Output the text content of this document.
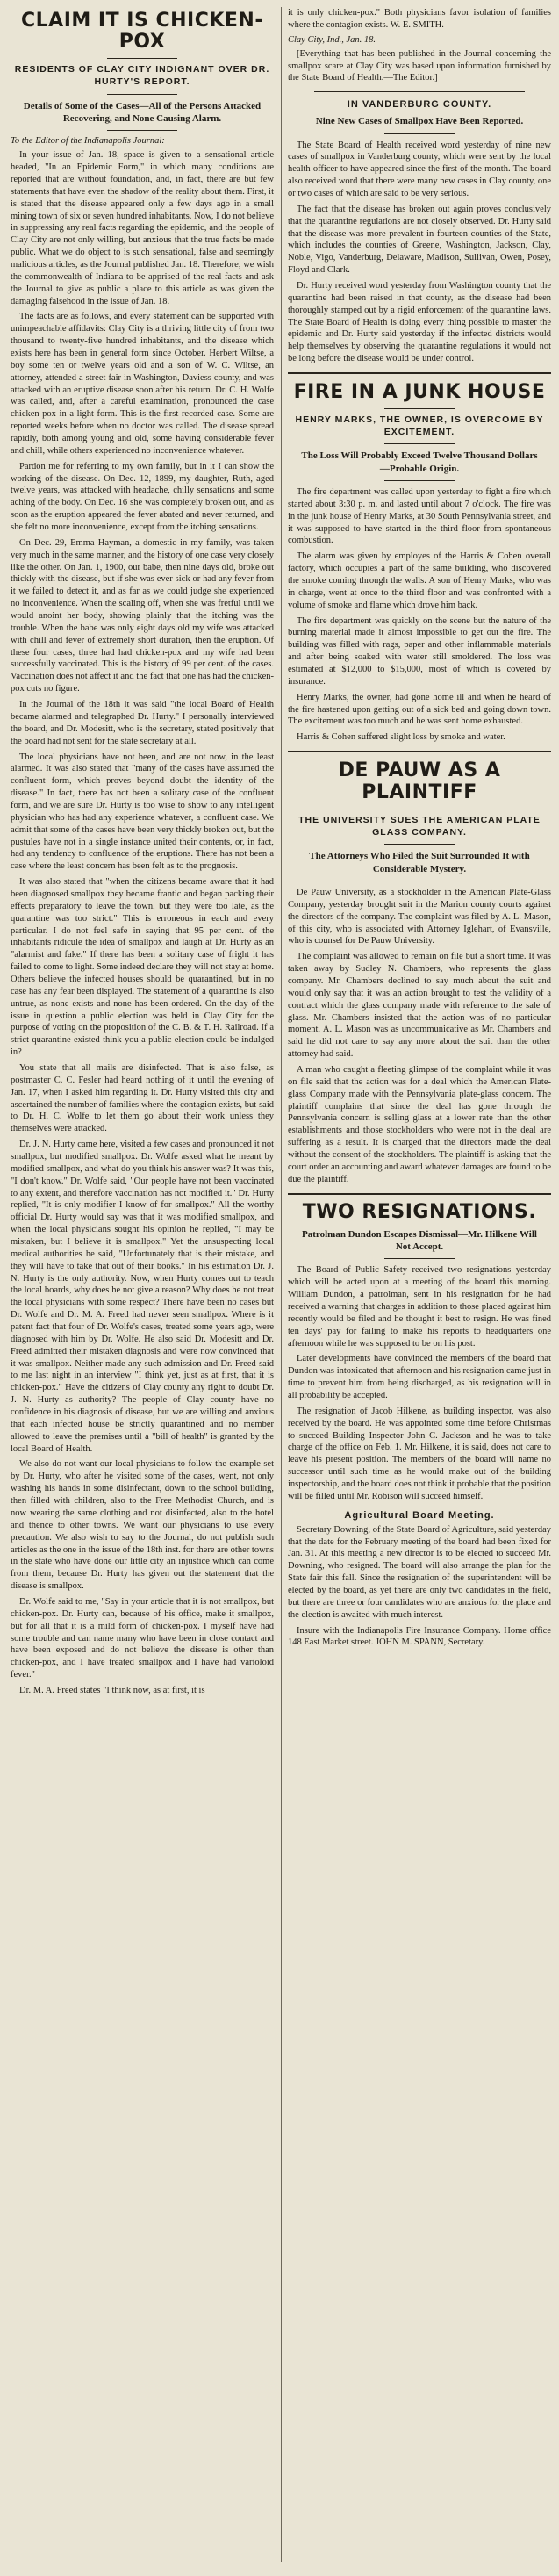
CLAIM IT IS CHICKEN-POX
RESIDENTS OF CLAY CITY INDIGNANT OVER DR. HURTY'S REPORT.
Details of Some of the Cases—All of the Persons Attacked Recovering, and None Causing Alarm.
To the Editor of the Indianapolis Journal:

In your issue of Jan. 18, space is given to a sensational article headed, "In an Epidemic Form," in which many conditions are reported that are without foundation, and, in fact, there are but few statements that have even the shadow of the reality about them. First, it is stated that the disease appeared only a few days ago in a small mining town of six or seven hundred inhabitants. Now, I do not believe in suppressing any real facts regarding the epidemic, and the people of Clay City are not only willing, but anxious that the true facts be made public. What we do object to is such sensational, false and seemingly malicious articles, as the Journal published Jan. 18. Therefore, we wish the commonwealth of Indiana to be apprised of the real facts and ask the Journal to give as public a place to this article as was given the damaging falsehood in the issue of Jan. 18.

The facts are as follows, and every statement can be supported with unimpeachable affidavits: Clay City is a thriving little city of from two thousand to twenty-five hundred inhabitants, and the disease which exists here has been in general form since October. Herbert Wiltse, a boy some ten or twelve years old and a son of W. C. Wiltse, an attorney, attended a street fair in Washington, Daviess county, and was attacked with an eruptive disease soon after his return. Dr. C. H. Wolfe was called, and, after a careful examination, pronounced the case chicken-pox in a light form. This is the first recorded case. Some are reported weeks before when no doctor was called. The disease spread rapidly, both among young and old, some having considerable fever and chill, while others experienced no inconvenience whatever.

Pardon me for referring to my own family, but in it I can show the working of the disease. On Dec. 12, 1899, my daughter, Ruth, aged twelve years, was attacked with headache, chilly sensations and some aching of the body. On Dec. 16 she was completely broken out, and as soon as the eruption appeared the fever abated and never returned, and she felt no more inconvenience, except from the itching sensations.

On Dec. 29, Emma Hayman, a domestic in my family, was taken very much in the same manner, and the history of one case very closely like the other. On Jan. 1, 1900, our babe, then nine days old, broke out thickly with the disease, but if she was ever sick or had any fever from it we failed to detect it, and as far as we could judge she experienced no inconvenience. When the scaling off, when she was fretful until we would anoint her body, showing plainly that the itching was the trouble. When the babe was only eight days old my wife was attacked with chill and fever of extremely short duration, then the eruption. Of these four cases, three had had chicken-pox and my wife had been successfully vaccinated. This is the history of 99 per cent. of the cases. Vaccination does not affect it and the fact that one has had the chicken-pox cuts no figure.

In the Journal of the 18th it was said "the local Board of Health became alarmed and telegraphed Dr. Hurty." I personally interviewed the board, and Dr. Modesitt, who is the secretary, stated positively that the board had not sent for the state secretary at all.

The local physicians have not been, and are not now, in the least alarmed. It was also stated that "many of the cases have assumed the confluent form, which proves beyond doubt the identity of the disease." In fact, there has not been a solitary case of the confluent form, and we are sure Dr. Hurty is too wise to show to any intelligent physician who has had any experience whatever, a confluent case. We admit that some of the cases have been very thickly broken out, but the pustules have not in a single instance united their contents, or, in fact, had any tendency to confluence of the eruptions. There has not been a case where the least concern has been felt as to the prognosis.

It was also stated that "when the citizens became aware that it had been diagnosed smallpox they became frantic and began packing their effects preparatory to leave the town, but they were too late, as the quarantine was too strict." This is erroneous in each and every particular. I do not feel safe in saying that 95 per cent. of the inhabitants ridicule the idea of smallpox and laugh at Dr. Hurty as an "alarmist and fake." If there has been a solitary case of fright it has failed to come to light. Some indeed declare they will not stay at home. Others believe the infected houses should be quarantined, but in no case has any fear been displayed. The statement of a quarantine is also untrue, as none exists and none has been ordered. On the day of the issue in question a public election was held in Clay City for the purpose of voting on the proposition of the C. B. & T. H. Railroad. If a strict quarantine existed think you a public election could be indulged in?

You state that all mails are disinfected. That is also false, as postmaster C. C. Fesler had heard nothing of it until the evening of Jan. 17, when I asked him regarding it. Dr. Hurty visited this city and ascertained the number of families where the contagion exists, but said to Dr. H. C. Wolfe to let them go about their work unless they themselves were attacked.

Dr. J. N. Hurty came here, visited a few cases and pronounced it not smallpox, but modified smallpox. Dr. Wolfe asked what he meant by modified smallpox, and what do you think his answer was? It was this, "I don't know." Dr. Wolfe said, "Our people have not been vaccinated to any extent, and therefore vaccination has not modified it." Dr. Hurty replied, "It is only modifier I know of for smallpox." All the worthy official Dr. Hurty would say was that it was modified smallpox, and when the local physicians sought his opinion he replied, "I may be mistaken, but I believe it is smallpox." Yet the unsuspecting local medical authorities he said, "Unfortunately that is their mistake, and they will have to take that out of their books." In his estimation Dr. J. N. Hurty is the only authority. Now, when Hurty comes out to teach the local boards, why does he not give a reason? Why does he not treat the local physicians with some respect? There have been no cases but Dr. Wolfe and Dr. M. A. Freed had never seen smallpox. Where is it patent fact that four of Dr. Wolfe's cases, treated some years ago, were diagnosed with him by Dr. Wolfe. He also said Dr. Modesitt and Dr. Freed admitted their mistaken diagnosis and were now convinced that it was smallpox. Neither made any such admission and Dr. Freed said to me last night in an interview "I think yet, just as at first, that it is chicken-pox." Have the citizens of Clay county any right to doubt Dr. J. N. Hurty as authority? The people of Clay county have no confidence in his diagnosis of disease, but we are willing and anxious that each infected house be strictly quarantined and no member allowed to leave the premises until a "bill of health" is granted by the local Board of Health.

We also do not want our local physicians to follow the example set by Dr. Hurty, who after he visited some of the cases, went, not only washing his hands in some disinfectant, down to the school building, then filled with children, also to the Free Methodist Church, and is now wearing the same clothing and not disinfected, also to the hotel and thence to other towns. We want our physicians to use every precaution. We also wish to say to the Journal, do not publish such articles as the one in the issue of the 18th inst. for there are other towns in the state who have done our little city an injustice which can come from them, because Dr. Hurty has given out the statement that the disease is smallpox.

Dr. Wolfe said to me, "Say in your article that it is not smallpox, but chicken-pox. Dr. Hurty can, because of his office, make it smallpox, but for all that it is a mild form of chicken-pox. I myself have had some trouble and can name many who have been in close contact and have been exposed and do not believe the disease is other than chicken-pox, and I have treated smallpox and I have had varioloid fever."

Dr. M. A. Freed states "I think now, as at first, it is

it is only chicken-pox." Both physicians favor isolation of families where the contagion exists. W. E. SMITH.

Clay City, Ind., Jan. 18.

[Everything that has been published in the Journal concerning the smallpox scare at Clay City was based upon information furnished by the State Board of Health.—The Editor.]

IN VANDERBURG COUNTY.
Nine New Cases of Smallpox Have Been Reported.

The State Board of Health received word yesterday of nine new cases of smallpox in Vanderburg county, which were sent by the local health officer to have appeared since the first of the month. The board also received word that there were many new cases in Clay county, one or two cases of which are said to be very serious.

The fact that the disease has broken out again proves conclusively that the quarantine regulations are not closely observed. Dr. Hurty said that the disease was more prevalent in fourteen counties of the State, which includes the counties of Greene, Washington, Jackson, Clay, Noble, Vigo, Vanderburg, Delaware, Madison, Sullivan, Owen, Posey, Floyd and Clark.

Dr. Hurty received word yesterday from Washington county that the quarantine had been raised in that county, as the disease had been thoroughly stamped out by a rigid enforcement of the quarantine laws. The State Board of Health is doing every thing possible to master the epidemic and Dr. Hurty said yesterday if the infected districts would help themselves by observing the quarantine regulations it would not be long before the disease would be under control.

FIRE IN A JUNK HOUSE
HENRY MARKS, THE OWNER, IS OVERCOME BY EXCITEMENT.
The Loss Will Probably Exceed Twelve Thousand Dollars—Probable Origin.

The fire department was called upon yesterday to fight a fire which started about 3:30 p. m. and lasted until about 7 o'clock. The fire was in the junk house of Henry Marks, at 30 South Pennsylvania street, and it was supposed to have started in the third floor from spontaneous combustion.

The alarm was given by employes of the Harris & Cohen overall factory, which occupies a part of the same building, who discovered the smoke coming through the walls. A son of Henry Marks, who was in charge, went at once to the third floor and was confronted with a volume of smoke and flame which drove him back.

The fire department was quickly on the scene but the nature of the burning material made it almost impossible to get out the fire. The building was filled with rags, paper and other inflammable materials and after being soaked with water still smoldered. The loss was estimated at $12,000 to $15,000, most of which is covered by insurance.

Henry Marks, the owner, had gone home ill and when he heard of the fire hastened upon getting out of a sick bed and going down town. The excitement was too much and he was sent home exhausted.

Harris & Cohen suffered slight loss by smoke and water.

DE PAUW AS A PLAINTIFF
THE UNIVERSITY SUES THE AMERICAN PLATE GLASS COMPANY.
The Attorneys Who Filed the Suit Surrounded It with Considerable Mystery.

De Pauw University, as a stockholder in the American Plate-Glass Company, yesterday brought suit in the Marion county courts against the directors of the company. The complaint was filed by A. L. Mason, of this city, who is associated with Attorney Iglehart, of Evansville, who is counsel for De Pauw University.

The complaint was allowed to remain on file but a short time. It was taken away by Sudley N. Chambers, who represents the glass company. Mr. Chambers declined to say much about the suit and would only say that it was an action brought to test the validity of a contract which the glass company made with reference to the sale of glass. Mr. Chambers insisted that the action was of no particular moment. A. L. Mason was as uncommunicative as Mr. Chambers and said he did not care to say any more about the suit than the other attorney had said.

A man who caught a fleeting glimpse of the complaint while it was on file said that the action was for a deal which the American Plate-glass Company made with the Pennsylvania plate-glass concern. The plaintiff complains that since the deal has gone through the Pennsylvania concern is selling glass at a lower rate than the other establishments and those stockholders who were not in the deal are suffering as a result. It is charged that the directors made the deal without the consent of the stockholders. The plaintiff is asking that the court order an accounting and award whatever damages are found to be due the plaintiff.

TWO RESIGNATIONS.
Patrolman Dundon Escapes Dismissal—Mr. Hilkene Will Not Accept.

The Board of Public Safety received two resignations yesterday which will be acted upon at a meeting of the board this morning. William Dundon, a patrolman, sent in his resignation for he had received a warning that charges in addition to those placed against him recently would be filed and he thought it best to resign. He was fined ten days' pay for failing to make his reports to headquarters one afternoon while he was supposed to be on his post.

Later developments have convinced the members of the board that Dundon was intoxicated that afternoon and his resignation came just in time to prevent him from being discharged, as his resignation will in all probability be accepted.

The resignation of Jacob Hilkene, as building inspector, was also received by the board. He was appointed some time before Christmas to succeed Building Inspector John C. Jackson and he was to take charge of the office on Feb. 1. Mr. Hilkene, it is said, does not care to leave his present position. The members of the board will name no successor until such time as he would make out of the building inspectorship, and the board does not think it probable that the position will be filled until Mr. Robison will succeed himself.

Agricultural Board Meeting.

Secretary Downing, of the State Board of Agriculture, said yesterday that the date for the February meeting of the board had been fixed for Jan. 31. At this meeting a new director is to be elected to succeed Mr. Downing, who resigned. The board will also arrange the plan for the State fair this fall. Since the resignation of the superintendent will be elected by the board, as yet there are only two candidates in the field, but there are three or four candidates who are anxious for the place and the election is awaited with much interest.

Insure with the Indianapolis Fire Insurance Company. Home office 148 East Market street. JOHN M. SPANN, Secretary.
